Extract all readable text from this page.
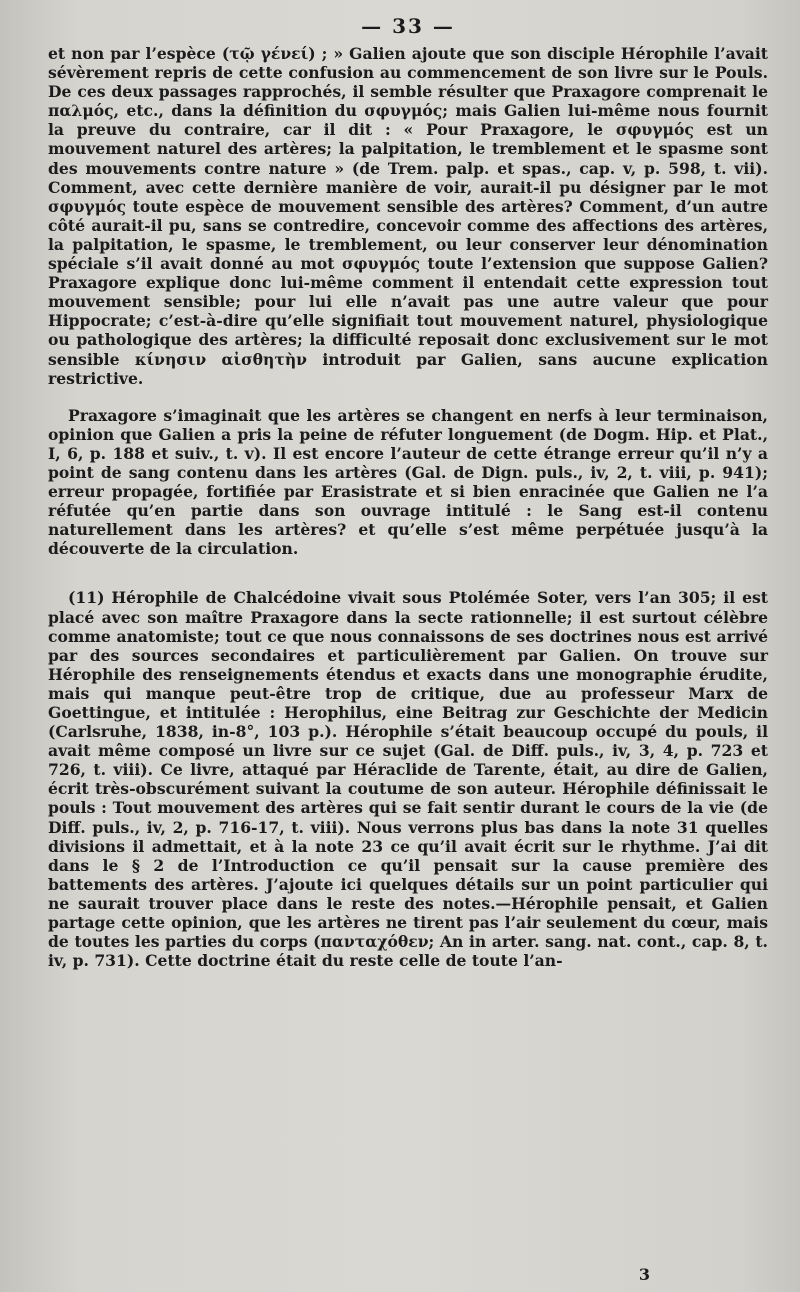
— 33 —

et non par l’espèce (τῷ γένεί) ; » Galien ajoute que son disciple Hérophile l’avait sévèrement repris de cette confusion au commencement de son livre sur le Pouls. De ces deux passages rapprochés, il semble résulter que Praxagore comprenait le παλμός, etc., dans la définition du σφυγμός; mais Galien lui-même nous fournit la preuve du contraire, car il dit : « Pour Praxagore, le σφυγμός est un mouvement naturel des artères; la palpitation, le tremblement et le spasme sont des mouvements contre nature » (de Trem. palp. et spas., cap. v, p. 598, t. vii). Comment, avec cette dernière manière de voir, aurait-il pu désigner par le mot σφυγμός toute espèce de mouvement sensible des artères? Comment, d’un autre côté aurait-il pu, sans se contredire, concevoir comme des affections des artères, la palpitation, le spasme, le tremblement, ou leur conserver leur dénomination spéciale s’il avait donné au mot σφυγμός toute l’extension que suppose Galien? Praxagore explique donc lui-même comment il entendait cette expression tout mouvement sensible; pour lui elle n’avait pas une autre valeur que pour Hippocrate; c’est-à-dire qu’elle signifiait tout mouvement naturel, physiologique ou pathologique des artères; la difficulté reposait donc exclusivement sur le mot sensible κίνησιν αἰσθητὴν introduit par Galien, sans aucune explication restrictive.

Praxagore s’imaginait que les artères se changent en nerfs à leur terminaison, opinion que Galien a pris la peine de réfuter longuement (de Dogm. Hip. et Plat., I, 6, p. 188 et suiv., t. v). Il est encore l’auteur de cette étrange erreur qu’il n’y a point de sang contenu dans les artères (Gal. de Dign. puls., iv, 2, t. viii, p. 941); erreur propagée, fortifiée par Erasistrate et si bien enracinée que Galien ne l’a réfutée qu’en partie dans son ouvrage intitulé : le Sang est-il contenu naturellement dans les artères? et qu’elle s’est même perpétuée jusqu’à la découverte de la circulation.

(11) Hérophile de Chalcédoine vivait sous Ptolémée Soter, vers l’an 305; il est placé avec son maître Praxagore dans la secte rationnelle; il est surtout célèbre comme anatomiste; tout ce que nous connaissons de ses doctrines nous est arrivé par des sources secondaires et particulièrement par Galien. On trouve sur Hérophile des renseignements étendus et exacts dans une monographie érudite, mais qui manque peut-être trop de critique, due au professeur Marx de Goettingue, et intitulée : Herophilus, eine Beitrag zur Geschichte der Medicin (Carlsruhe, 1838, in-8°, 103 p.). Hérophile s’était beaucoup occupé du pouls, il avait même composé un livre sur ce sujet (Gal. de Diff. puls., iv, 3, 4, p. 723 et 726, t. viii). Ce livre, attaqué par Héraclide de Tarente, était, au dire de Galien, écrit très-obscurément suivant la coutume de son auteur. Hérophile définissait le pouls : Tout mouvement des artères qui se fait sentir durant le cours de la vie (de Diff. puls., iv, 2, p. 716-17, t. viii). Nous verrons plus bas dans la note 31 quelles divisions il admettait, et à la note 23 ce qu’il avait écrit sur le rhythme. J’ai dit dans le § 2 de l’Introduction ce qu’il pensait sur la cause première des battements des artères. J’ajoute ici quelques détails sur un point particulier qui ne saurait trouver place dans le reste des notes.—Hérophile pensait, et Galien partage cette opinion, que les artères ne tirent pas l’air seulement du cœur, mais de toutes les parties du corps (πανταχόθεν; An in arter. sang. nat. cont., cap. 8, t. iv, p. 731). Cette doctrine était du reste celle de toute l’an-

3
